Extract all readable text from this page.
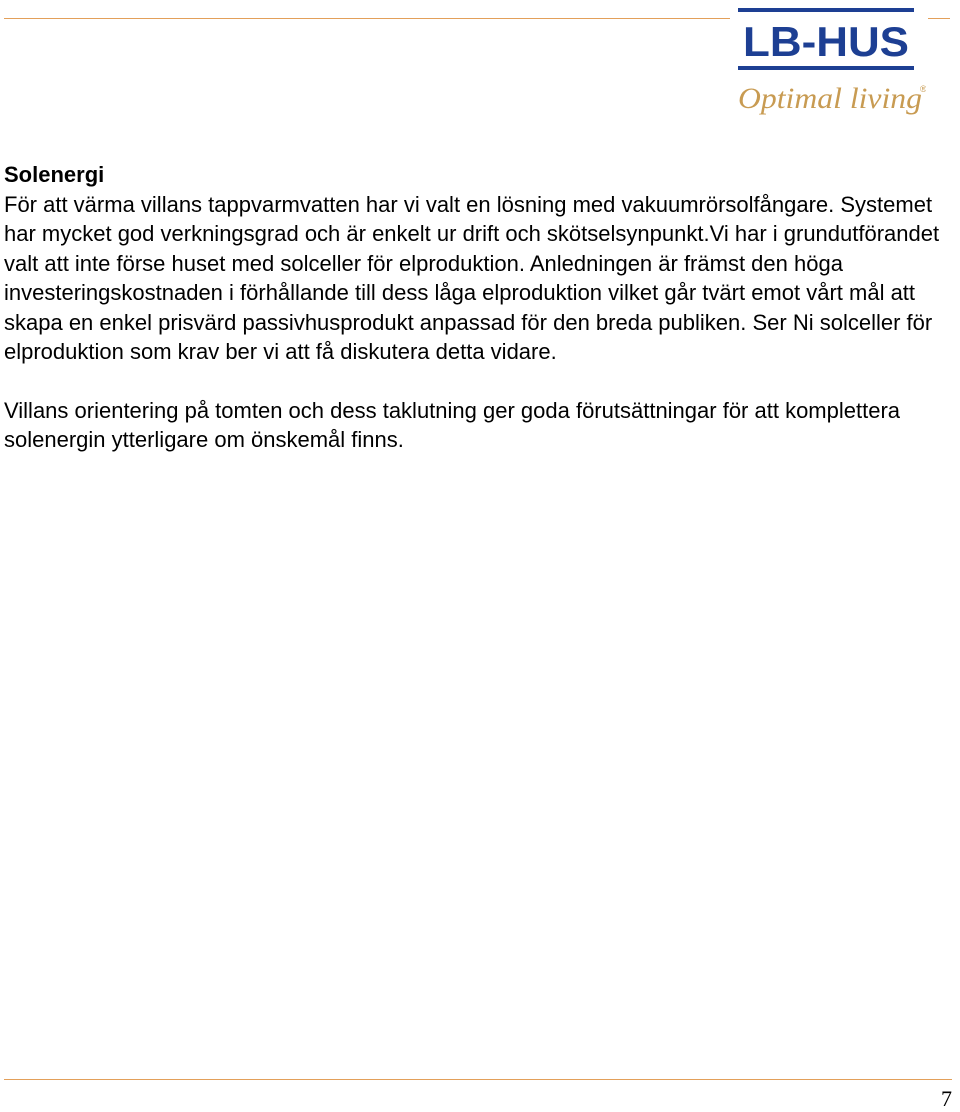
LB-HUS
Optimal living
®

Solenergi

För att värma villans tappvarmvatten har vi valt en lösning med vakuumrörsolfångare. Systemet har mycket god verkningsgrad och är enkelt ur drift och skötselsynpunkt.Vi har i grundutförandet valt att inte förse huset med solceller för elproduktion. Anledningen är främst den höga investeringskostnaden i förhållande till dess låga elproduktion vilket går tvärt emot vårt mål att skapa en enkel prisvärd passivhusprodukt anpassad för den breda publiken. Ser Ni solceller för elproduktion som krav ber vi att få diskutera detta vidare.

Villans orientering på tomten och dess taklutning ger goda förutsättningar för att komplettera solenergin ytterligare om önskemål finns.

7
